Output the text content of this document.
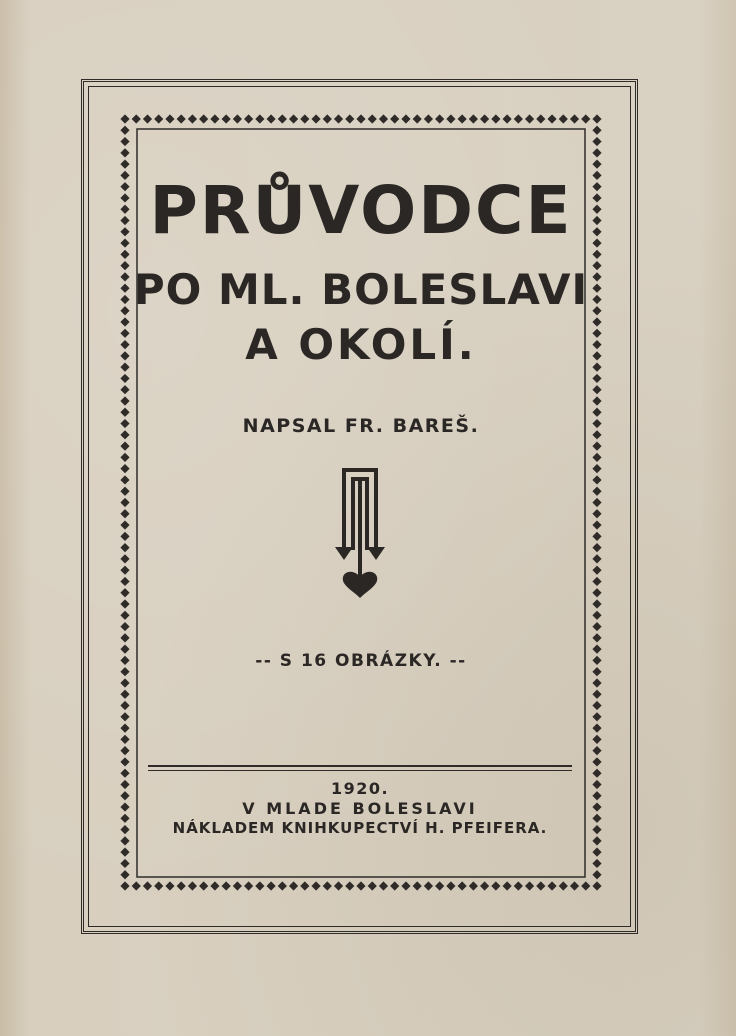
PRŮVODCE
PO ML. BOLESLAVI
A OKOLÍ.
NAPSAL FR. BAREŠ.
-- S 16 OBRÁZKY. --
1920.
V MLADE BOLESLAVI
NÁKLADEM KNIHKUPECTVÍ H. PFEIFERA.
